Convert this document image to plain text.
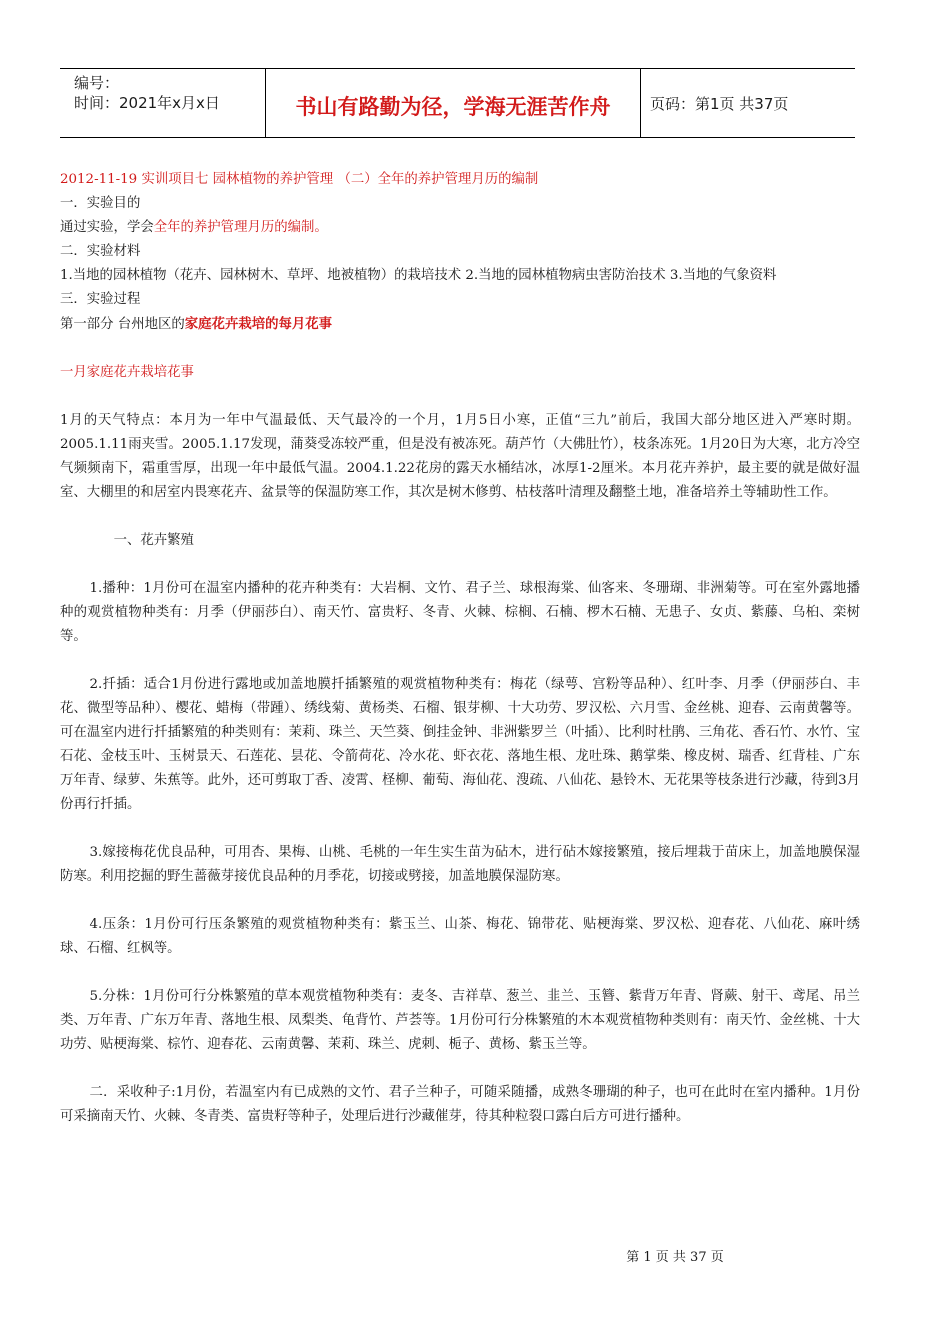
编号：
时间：2021年x月x日	书山有路勤为径，学海无涯苦作舟	页码：第1页 共37页

2012-11-19 实训项目七 园林植物的养护管理 （二）全年的养护管理月历的编制

一．实验目的

通过实验，学会全年的养护管理月历的编制。

二．实验材料

1.当地的园林植物（花卉、园林树木、草坪、地被植物）的栽培技术 2.当地的园林植物病虫害防治技术 3.当地的气象资料

三．实验过程

第一部分 台州地区的家庭花卉栽培的每月花事

一月家庭花卉栽培花事

1月的天气特点：本月为一年中气温最低、天气最冷的一个月，1月5日小寒，正值“三九”前后，我国大部分地区进入严寒时期。2005.1.11雨夹雪。2005.1.17发现，蒲葵受冻较严重，但是没有被冻死。葫芦竹（大佛肚竹），枝条冻死。1月20日为大寒，北方冷空气频频南下，霜重雪厚，出现一年中最低气温。2004.1.22花房的露天水桶结冰，冰厚1-2厘米。本月花卉养护，最主要的就是做好温室、大棚里的和居室内畏寒花卉、盆景等的保温防寒工作，其次是树木修剪、枯枝落叶清理及翻整土地，准备培养土等辅助性工作。

一、花卉繁殖

1.播种：1月份可在温室内播种的花卉种类有：大岩桐、文竹、君子兰、球根海棠、仙客来、冬珊瑚、非洲菊等。可在室外露地播种的观赏植物种类有：月季（伊丽莎白）、南天竹、富贵籽、冬青、火棘、棕榈、石楠、椤木石楠、无患子、女贞、紫藤、乌桕、栾树等。

2.扦插：适合1月份进行露地或加盖地膜扦插繁殖的观赏植物种类有：梅花（绿萼、宫粉等品种）、红叶李、月季（伊丽莎白、丰花、微型等品种）、樱花、蜡梅（带踵）、绣线菊、黄杨类、石榴、银芽柳、十大功劳、罗汉松、六月雪、金丝桃、迎春、云南黄馨等。可在温室内进行扦插繁殖的种类则有：茉莉、珠兰、天竺葵、倒挂金钟、非洲紫罗兰（叶插）、比利时杜鹃、三角花、香石竹、水竹、宝石花、金枝玉叶、玉树景天、石莲花、昙花、令箭荷花、冷水花、虾衣花、落地生根、龙吐珠、鹅掌柴、橡皮树、瑞香、红背桂、广东万年青、绿萝、朱蕉等。此外，还可剪取丁香、凌霄、柽柳、葡萄、海仙花、溲疏、八仙花、悬铃木、无花果等枝条进行沙藏，待到3月份再行扦插。

3.嫁接梅花优良品种，可用杏、果梅、山桃、毛桃的一年生实生苗为砧木，进行砧木嫁接繁殖，接后埋栽于苗床上，加盖地膜保湿防寒。利用挖掘的野生蔷薇芽接优良品种的月季花，切接或劈接，加盖地膜保湿防寒。

4.压条：1月份可行压条繁殖的观赏植物种类有：紫玉兰、山茶、梅花、锦带花、贴梗海棠、罗汉松、迎春花、八仙花、麻叶绣球、石榴、红枫等。

5.分株：1月份可行分株繁殖的草本观赏植物种类有：麦冬、吉祥草、葱兰、韭兰、玉簪、紫背万年青、肾蕨、射干、鸢尾、吊兰类、万年青、广东万年青、落地生根、凤梨类、龟背竹、芦荟等。1月份可行分株繁殖的木本观赏植物种类则有：南天竹、金丝桃、十大功劳、贴梗海棠、棕竹、迎春花、云南黄馨、茉莉、珠兰、虎刺、栀子、黄杨、紫玉兰等。

二．采收种子:1月份，若温室内有已成熟的文竹、君子兰种子，可随采随播，成熟冬珊瑚的种子，也可在此时在室内播种。1月份可采摘南天竹、火棘、冬青类、富贵籽等种子，处理后进行沙藏催芽，待其种粒裂口露白后方可进行播种。

第 1 页 共 37 页
